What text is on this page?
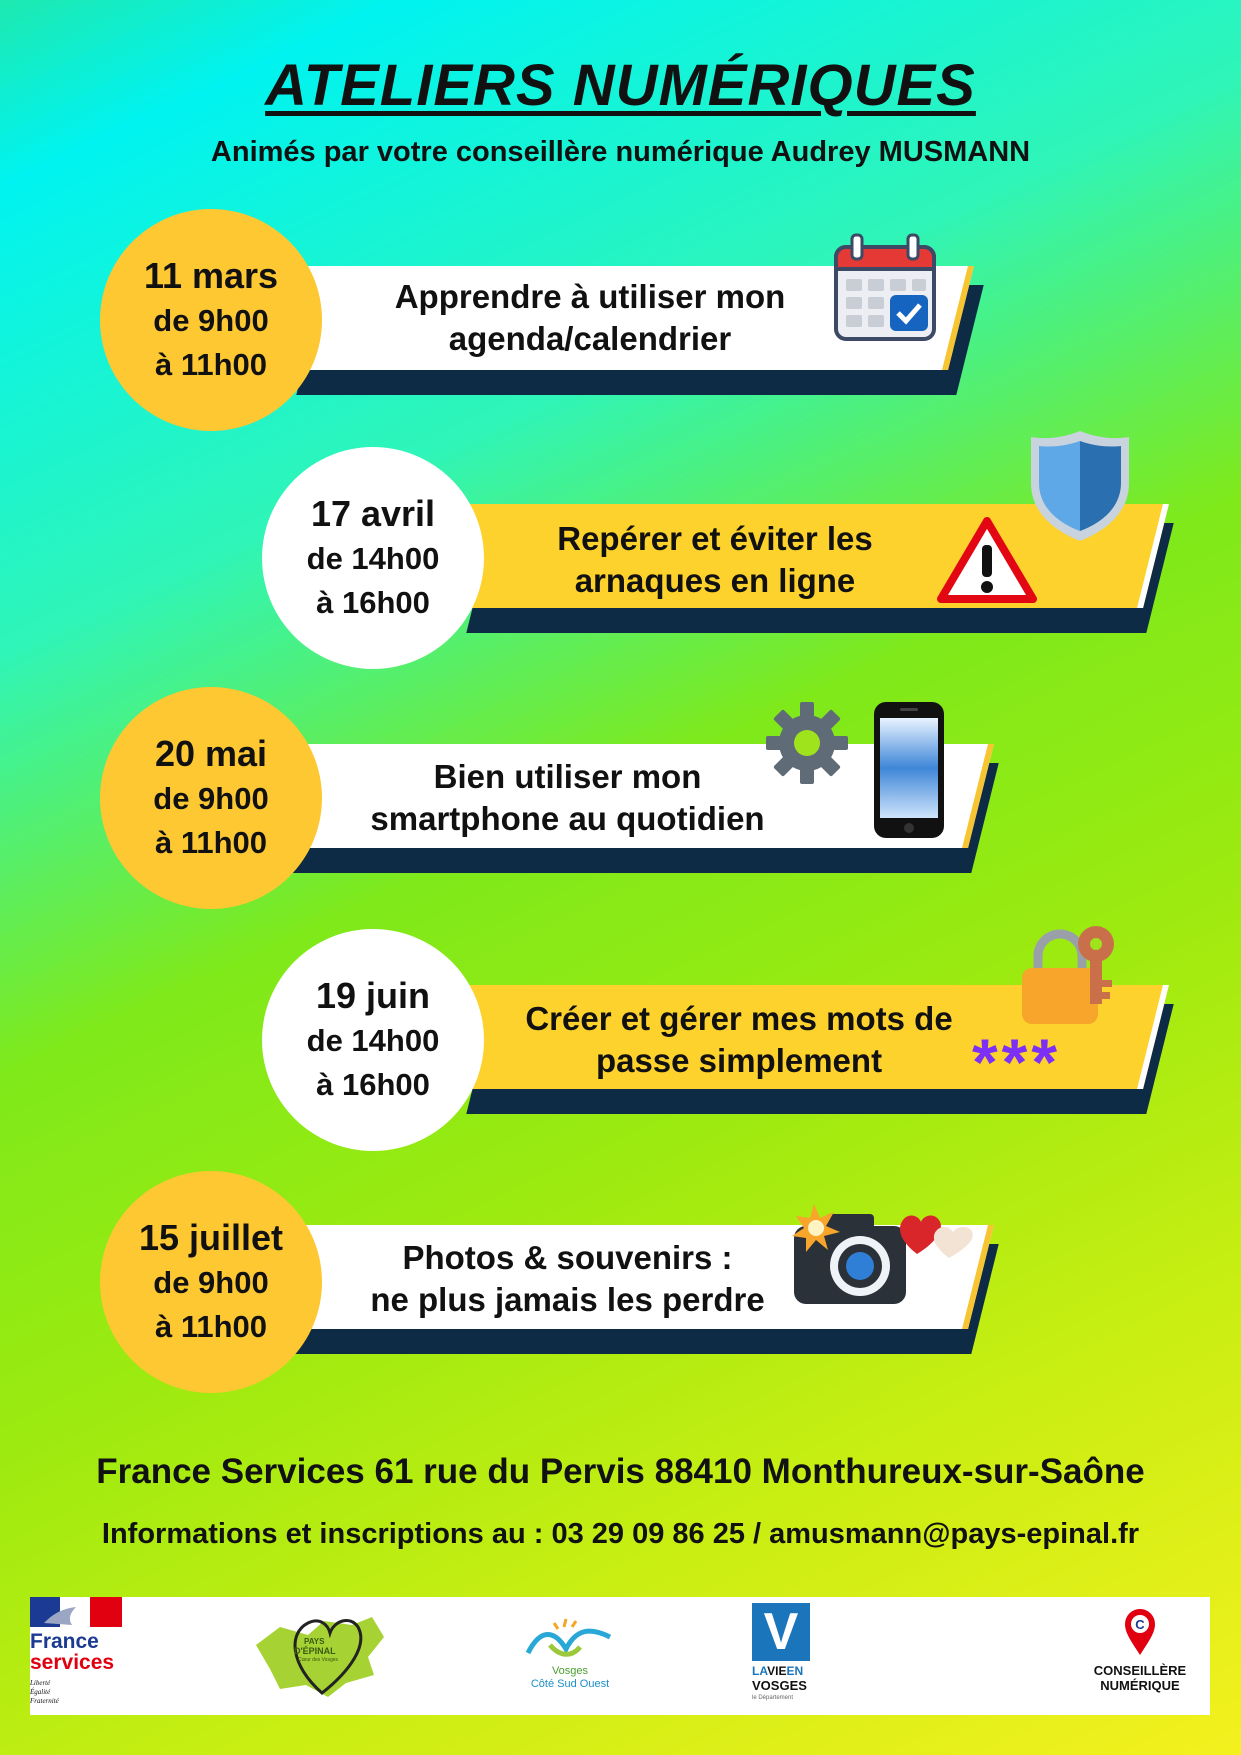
ATELIERS NUMÉRIQUES
Animés par votre conseillère numérique Audrey MUSMANN
Apprendre à utiliser mon
agenda/calendrier
11 mars
de 9h00
à 11h00
Repérer et éviter les
arnaques en ligne
17 avril
de 14h00
à 16h00
Bien utiliser mon
smartphone au quotidien
20 mai
de 9h00
à 11h00
Créer et gérer mes mots de
passe simplement
19 juin
de 14h00
à 16h00	***
Photos & souvenirs :
ne plus jamais les perdre
15 juillet
de 9h00
à 11h00
France Services 61 rue du Pervis 88410 Monthureux-sur-Saône
Informations et inscriptions au : 03 29 09 86 25 / amusmann@pays-epinal.fr
France
services
Liberté
Égalité
Fraternité
PAYS
D'ÉPINAL
Cœur des Vosges
Vosges
Côté Sud Ouest
V
LAVIEEN
VOSGES
le Département
C
CONSEILLÈRE
NUMÉRIQUE
